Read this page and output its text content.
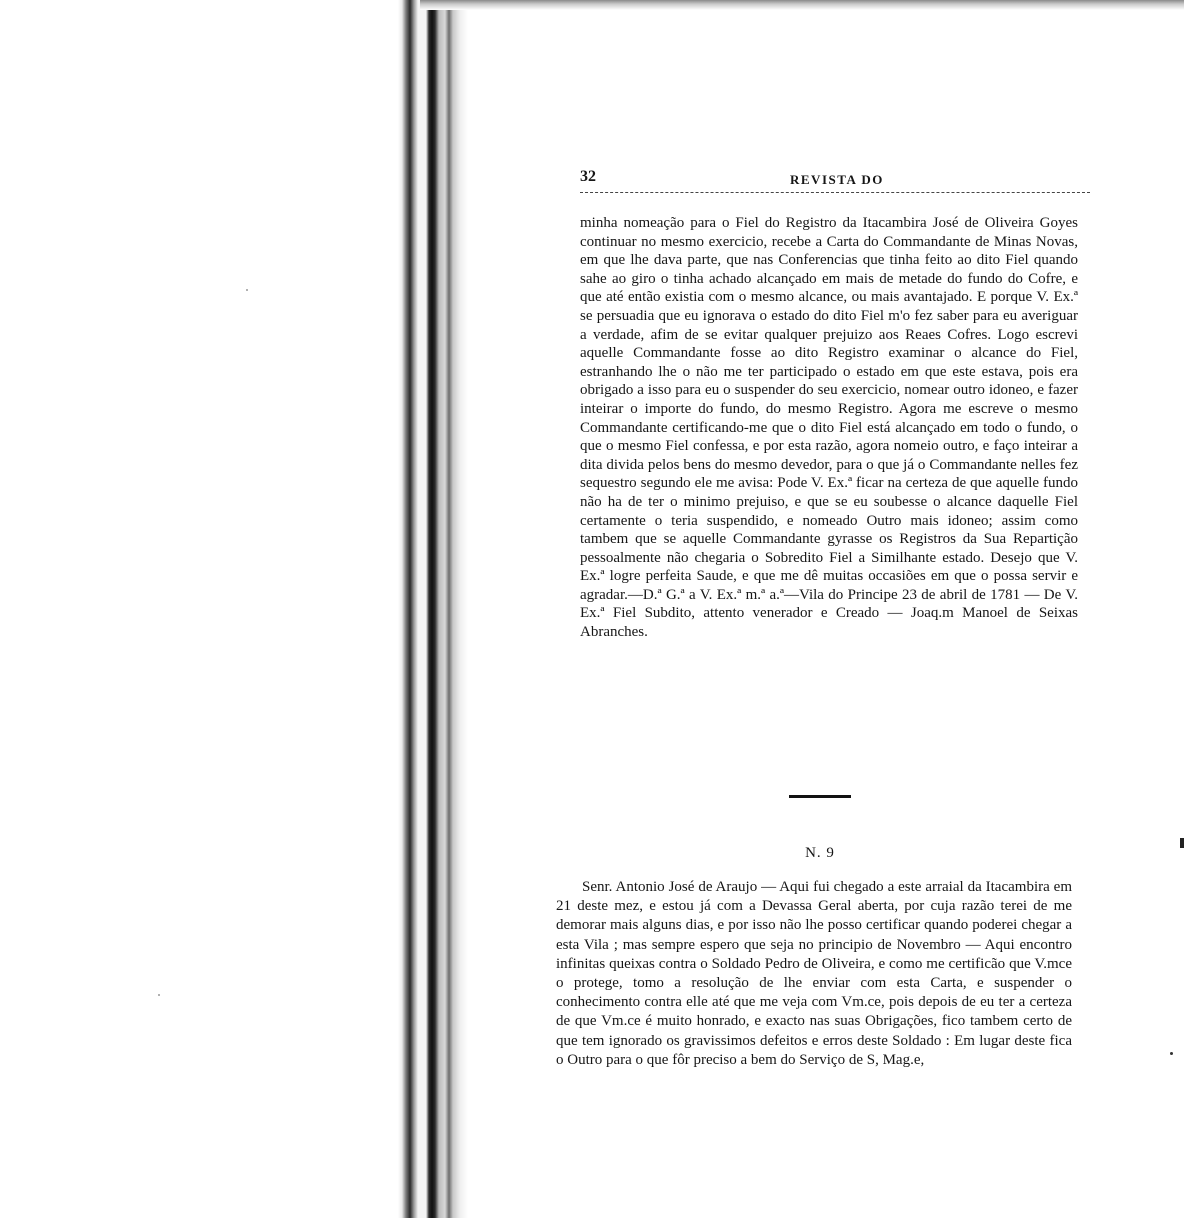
32	REVISTA DO

minha nomeação para o Fiel do Registro da Itacambira José de Oliveira Goyes continuar no mesmo exercicio, recebe a Carta do Commandante de Minas Novas, em que lhe dava parte, que nas Conferencias que tinha feito ao dito Fiel quando sahe ao giro o tinha achado alcançado em mais de metade do fundo do Cofre, e que até então existia com o mesmo alcance, ou mais avantajado. E porque V. Ex.ª se persuadia que eu ignorava o estado do dito Fiel m'o fez saber para eu averiguar a verdade, afim de se evitar qualquer prejuizo aos Reaes Cofres. Logo escrevi aquelle Commandante fosse ao dito Registro examinar o alcance do Fiel, estranhando lhe o não me ter participado o estado em que este estava, pois era obrigado a isso para eu o suspender do seu exercicio, nomear outro idoneo, e fazer inteirar o importe do fundo, do mesmo Registro. Agora me escreve o mesmo Commandante certificando-me que o dito Fiel está alcançado em todo o fundo, o que o mesmo Fiel confessa, e por esta razão, agora nomeio outro, e faço inteirar a dita divida pelos bens do mesmo devedor, para o que já o Commandante nelles fez sequestro segundo ele me avisa: Pode V. Ex.ª ficar na certeza de que aquelle fundo não ha de ter o minimo prejuiso, e que se eu soubesse o alcance daquelle Fiel certamente o teria suspendido, e nomeado Outro mais idoneo; assim como tambem que se aquelle Commandante gyrasse os Registros da Sua Repartição pessoalmente não chegaria o Sobredito Fiel a Similhante estado. Desejo que V. Ex.ª logre perfeita Saude, e que me dê muitas occasiões em que o possa servir e agradar.—D.ª G.ª a V. Ex.ª m.ª a.ª—Vila do Principe 23 de abril de 1781 — De V. Ex.ª Fiel Subdito, attento venerador e Creado — Joaq.m Manoel de Seixas Abranches.

N. 9

Senr. Antonio José de Araujo — Aqui fui chegado a este arraial da Itacambira em 21 deste mez, e estou já com a Devassa Geral aberta, por cuja razão terei de me demorar mais alguns dias, e por isso não lhe posso certificar quando poderei chegar a esta Vila ; mas sempre espero que seja no principio de Novembro — Aqui encontro infinitas queixas contra o Soldado Pedro de Oliveira, e como me certificão que V.mce o protege, tomo a resolução de lhe enviar com esta Carta, e suspender o conhecimento contra elle até que me veja com Vm.ce, pois depois de eu ter a certeza de que Vm.ce é muito honrado, e exacto nas suas Obrigações, fico tambem certo de que tem ignorado os gravissimos defeitos e erros deste Soldado : Em lugar deste fica o Outro para o que fôr preciso a bem do Serviço de S, Mag.e,
